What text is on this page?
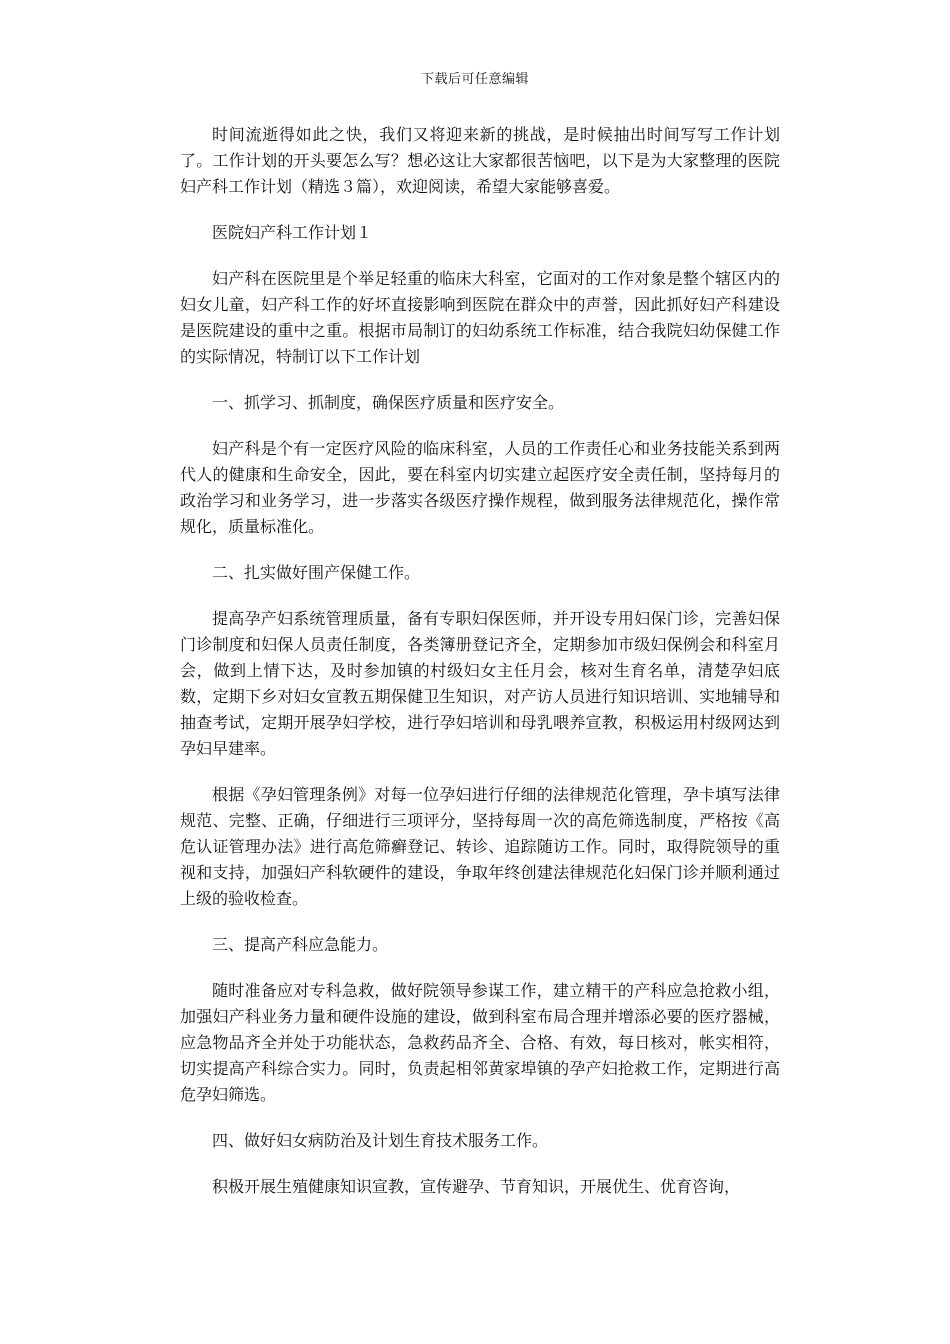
下载后可任意编辑

时间流逝得如此之快，我们又将迎来新的挑战，是时候抽出时间写写工作计划了。工作计划的开头要怎么写？想必这让大家都很苦恼吧，以下是为大家整理的医院妇产科工作计划（精选３篇），欢迎阅读，希望大家能够喜爱。

医院妇产科工作计划１

妇产科在医院里是个举足轻重的临床大科室，它面对的工作对象是整个辖区内的妇女儿童，妇产科工作的好坏直接影响到医院在群众中的声誉，因此抓好妇产科建设是医院建设的重中之重。根据市局制订的妇幼系统工作标准，结合我院妇幼保健工作的实际情况，特制订以下工作计划

一、抓学习、抓制度，确保医疗质量和医疗安全。

妇产科是个有一定医疗风险的临床科室，人员的工作责任心和业务技能关系到两代人的健康和生命安全，因此，要在科室内切实建立起医疗安全责任制，坚持每月的政治学习和业务学习，进一步落实各级医疗操作规程，做到服务法律规范化，操作常规化，质量标准化。

二、扎实做好围产保健工作。

提高孕产妇系统管理质量，备有专职妇保医师，并开设专用妇保门诊，完善妇保门诊制度和妇保人员责任制度，各类簿册登记齐全，定期参加市级妇保例会和科室月会，做到上情下达，及时参加镇的村级妇女主任月会，核对生育名单，清楚孕妇底数，定期下乡对妇女宣教五期保健卫生知识，对产访人员进行知识培训、实地辅导和抽查考试，定期开展孕妇学校，进行孕妇培训和母乳喂养宣教，积极运用村级网达到孕妇早建率。

根据《孕妇管理条例》对每一位孕妇进行仔细的法律规范化管理，孕卡填写法律规范、完整、正确，仔细进行三项评分，坚持每周一次的高危筛选制度，严格按《高危认证管理办法》进行高危筛癣登记、转诊、追踪随访工作。同时，取得院领导的重视和支持，加强妇产科软硬件的建设，争取年终创建法律规范化妇保门诊并顺利通过上级的验收检查。

三、提高产科应急能力。

随时准备应对专科急救，做好院领导参谋工作，建立精干的产科应急抢救小组，加强妇产科业务力量和硬件设施的建设，做到科室布局合理并增添必要的医疗器械，应急物品齐全并处于功能状态，急救药品齐全、合格、有效，每日核对，帐实相符，切实提高产科综合实力。同时，负责起相邻黄家埠镇的孕产妇抢救工作，定期进行高危孕妇筛选。

四、做好妇女病防治及计划生育技术服务工作。

积极开展生殖健康知识宣教，宣传避孕、节育知识，开展优生、优育咨询，
